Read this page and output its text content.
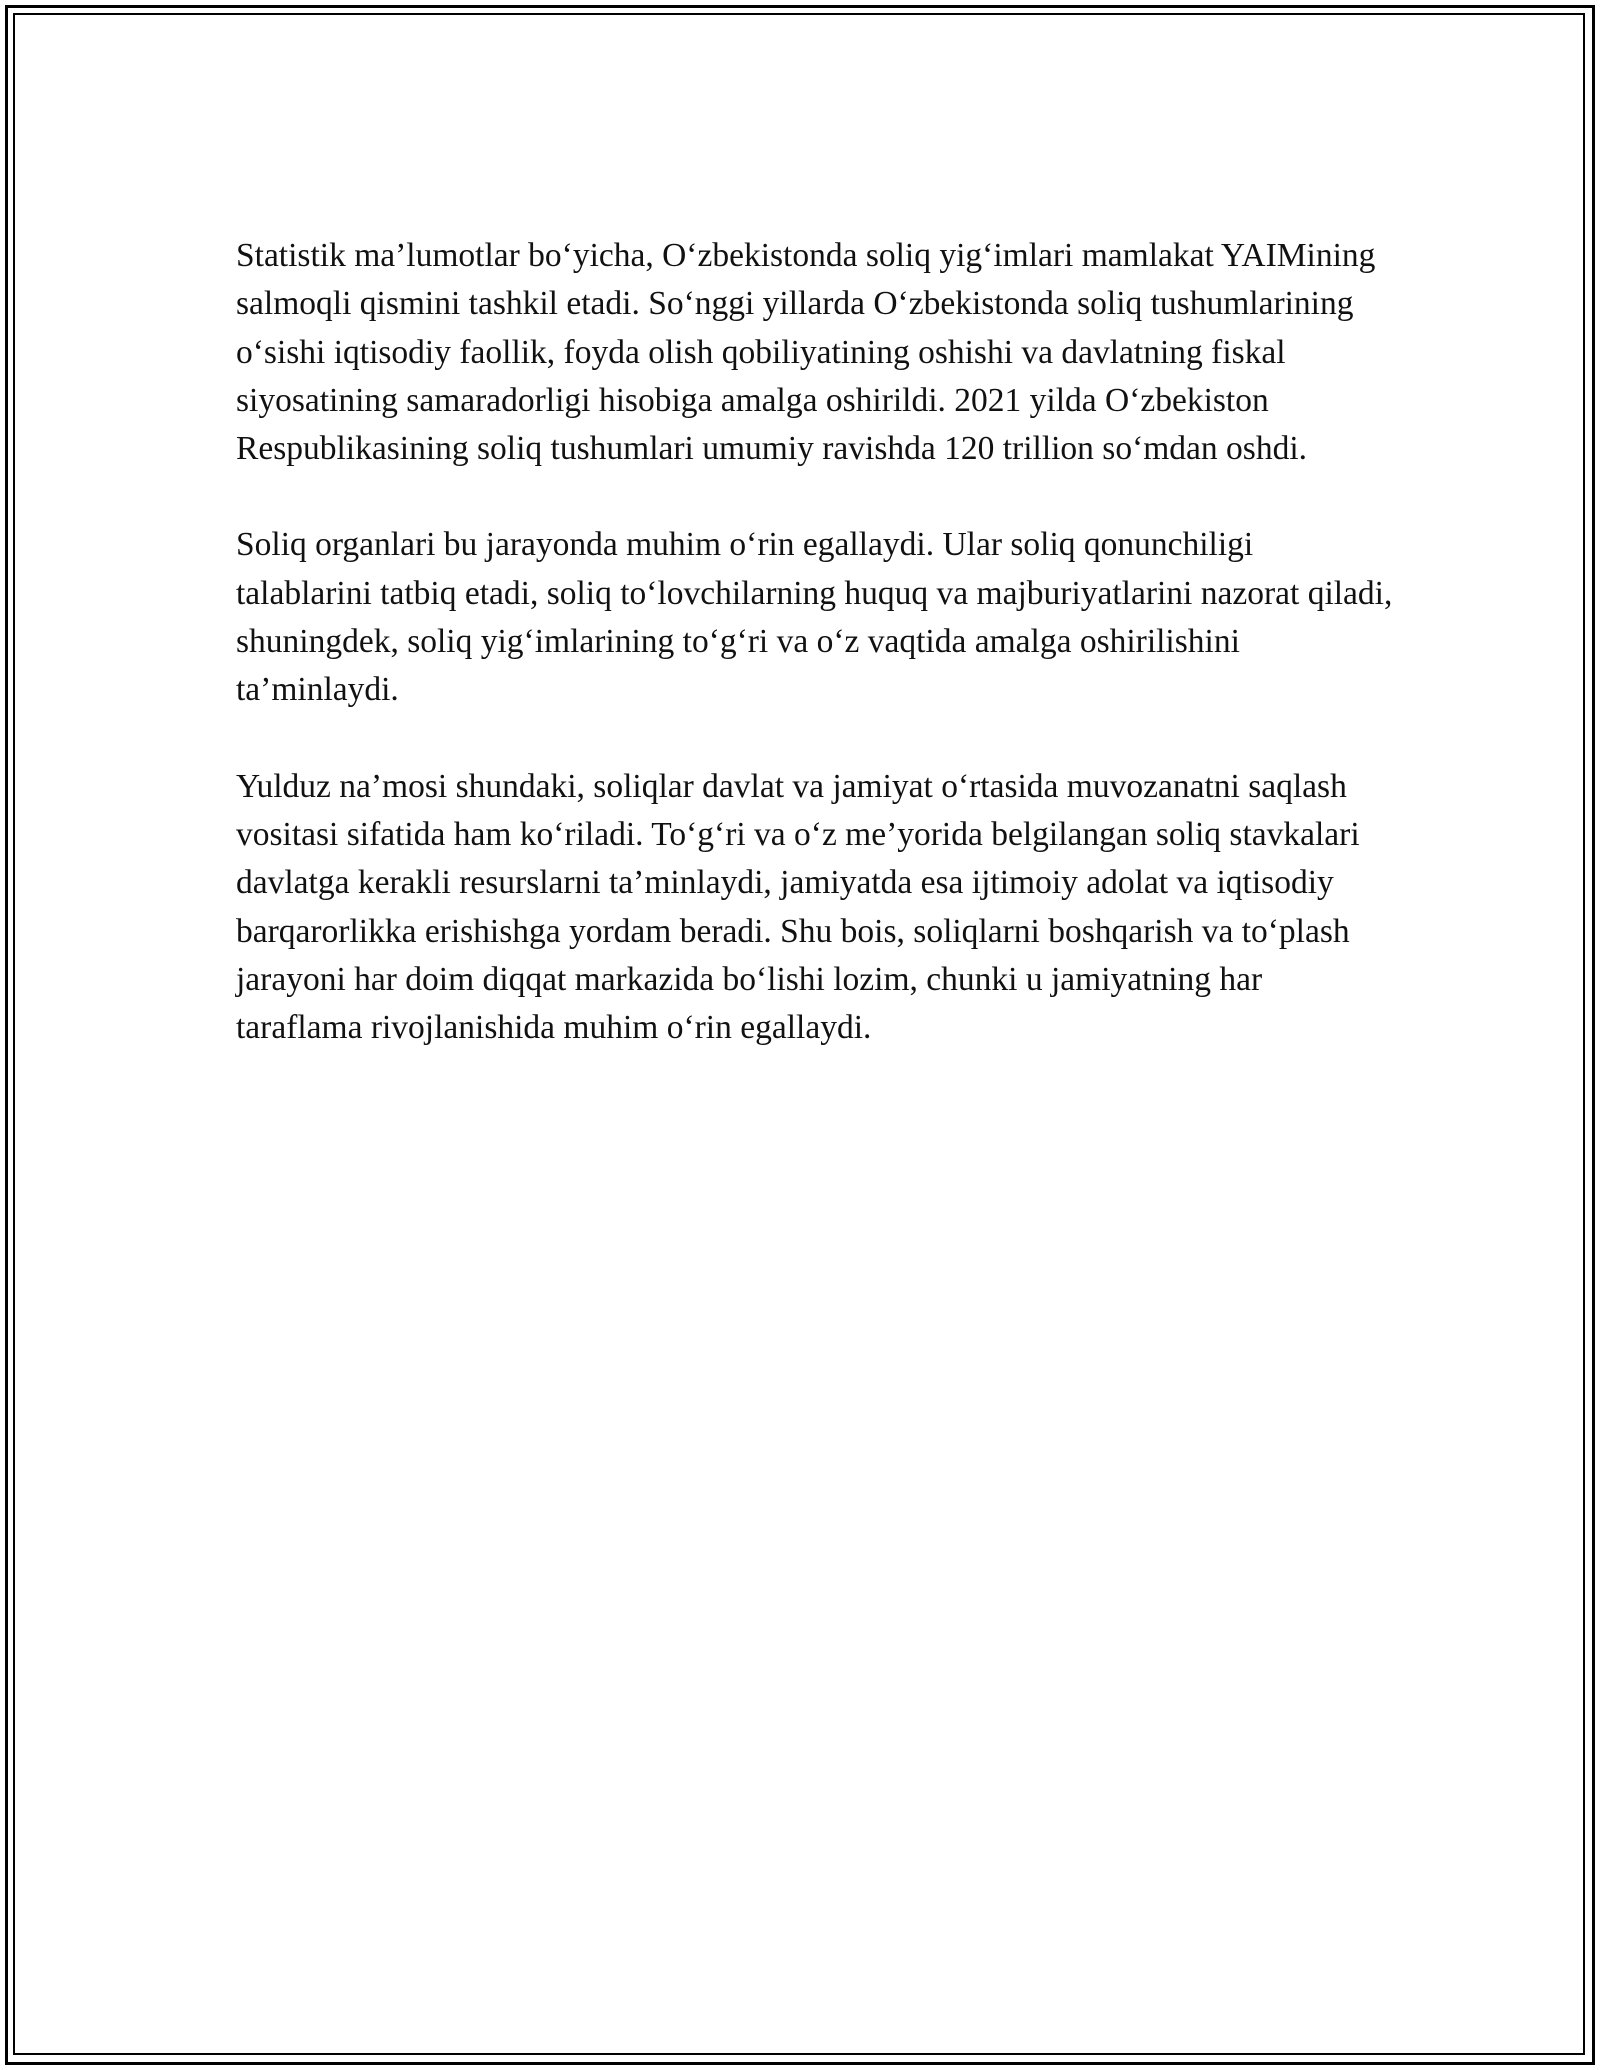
Statistik ma’lumotlar bo‘yicha, O‘zbekistonda soliq yig‘imlari mamlakat YAIMining salmoqli qismini tashkil etadi. So‘nggi yillarda O‘zbekistonda soliq tushumlarining o‘sishi iqtisodiy faollik, foyda olish qobiliyatining oshishi va davlatning fiskal siyosatining samaradorligi hisobiga amalga oshirildi. 2021 yilda O‘zbekiston Respublikasining soliq tushumlari umumiy ravishda 120 trillion so‘mdan oshdi.

Soliq organlari bu jarayonda muhim o‘rin egallaydi. Ular soliq qonunchiligi talablarini tatbiq etadi, soliq to‘lovchilarning huquq va majburiyatlarini nazorat qiladi, shuningdek, soliq yig‘imlarining to‘g‘ri va o‘z vaqtida amalga oshirilishini ta’minlaydi.

Yulduz na’mosi shundaki, soliqlar davlat va jamiyat o‘rtasida muvozanatni saqlash vositasi sifatida ham ko‘riladi. To‘g‘ri va o‘z me’yorida belgilangan soliq stavkalari davlatga kerakli resurslarni ta’minlaydi, jamiyatda esa ijtimoiy adolat va iqtisodiy barqarorlikka erishishga yordam beradi. Shu bois, soliqlarni boshqarish va to‘plash jarayoni har doim diqqat markazida bo‘lishi lozim, chunki u jamiyatning har taraflama rivojlanishida muhim o‘rin egallaydi.
